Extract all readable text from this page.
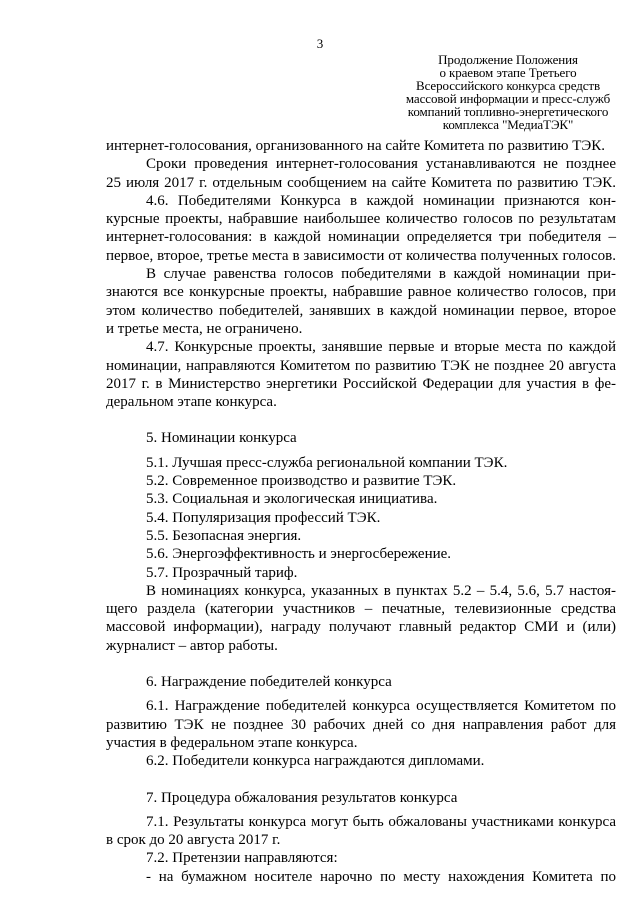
3
Продолжение Положения
о краевом этапе Третьего
Всероссийского конкурса средств
массовой информации и пресс-служб
компаний топливно-энергетического
комплекса "МедиаТЭК"
интернет-голосования, организованного на сайте Комитета по развитию ТЭК.
Сроки проведения интернет-голосования устанавливаются не позднее
25 июля 2017 г. отдельным сообщением на сайте Комитета по развитию ТЭК.
4.6. Победителями Конкурса в каждой номинации признаются кон-
курсные проекты, набравшие наибольшее количество голосов по результатам
интернет-голосования: в каждой номинации определяется три победителя –
первое, второе, третье места в зависимости от количества полученных голосов.
В случае равенства голосов победителями в каждой номинации при-
знаются все конкурсные проекты, набравшие равное количество голосов, при
этом количество победителей, занявших в каждой номинации первое, второе
и третье места, не ограничено.
4.7. Конкурсные проекты, занявшие первые и вторые места по каждой
номинации, направляются Комитетом по развитию ТЭК не позднее 20 августа
2017 г. в Министерство энергетики Российской Федерации для участия в фе-
деральном этапе конкурса.
5. Номинации конкурса
5.1. Лучшая пресс-служба региональной компании ТЭК.
5.2. Современное производство и развитие ТЭК.
5.3. Социальная и экологическая инициатива.
5.4. Популяризация профессий ТЭК.
5.5. Безопасная энергия.
5.6. Энергоэффективность и энергосбережение.
5.7. Прозрачный тариф.
В номинациях конкурса, указанных в пунктах 5.2 – 5.4, 5.6, 5.7 настоя-
щего раздела (категории участников – печатные, телевизионные средства
массовой информации), награду получают главный редактор СМИ и (или)
журналист – автор работы.
6. Награждение победителей конкурса
6.1. Награждение победителей конкурса осуществляется Комитетом по
развитию ТЭК не позднее 30 рабочих дней со дня направления работ для
участия в федеральном этапе конкурса.
6.2. Победители конкурса награждаются дипломами.
7. Процедура обжалования результатов конкурса
7.1. Результаты конкурса могут быть обжалованы участниками конкурса
в срок до 20 августа 2017 г.
7.2. Претензии направляются:
- на бумажном носителе нарочно по месту нахождения Комитета по
